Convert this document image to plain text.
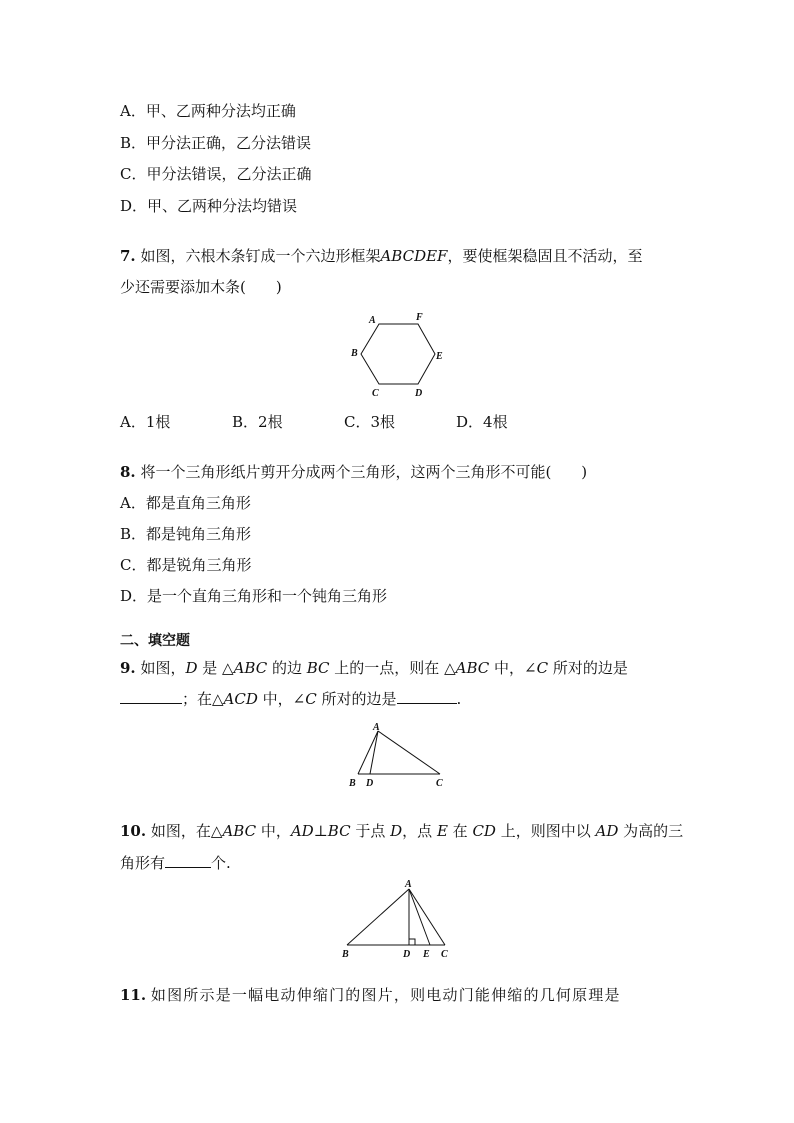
A．甲、乙两种分法均正确
B．甲分法正确，乙分法错误
C．甲分法错误，乙分法正确
D．甲、乙两种分法均错误
7. 如图，六根木条钉成一个六边形框架ABCDEF，要使框架稳固且不活动，至
少还需要添加木条(　　)
A	F
B	E
C	D
A．1根	B．2根	C．3根	D．4根
8. 将一个三角形纸片剪开分成两个三角形，这两个三角形不可能(　　)
A．都是直角三角形
B．都是钝角三角形
C．都是锐角三角形
D．是一个直角三角形和一个钝角三角形
二、填空题
9. 如图，D 是 △ABC 的边 BC 上的一点，则在 △ABC 中，∠C 所对的边是
；在△ACD 中，∠C 所对的边是	.
A
B D	C
10. 如图，在△ABC 中，AD⊥BC 于点 D，点 E 在 CD 上，则图中以 AD 为高的三
角形有	个.
A
B	D E C
11. 如图所示是一幅电动伸缩门的图片，则电动门能伸缩的几何原理是
